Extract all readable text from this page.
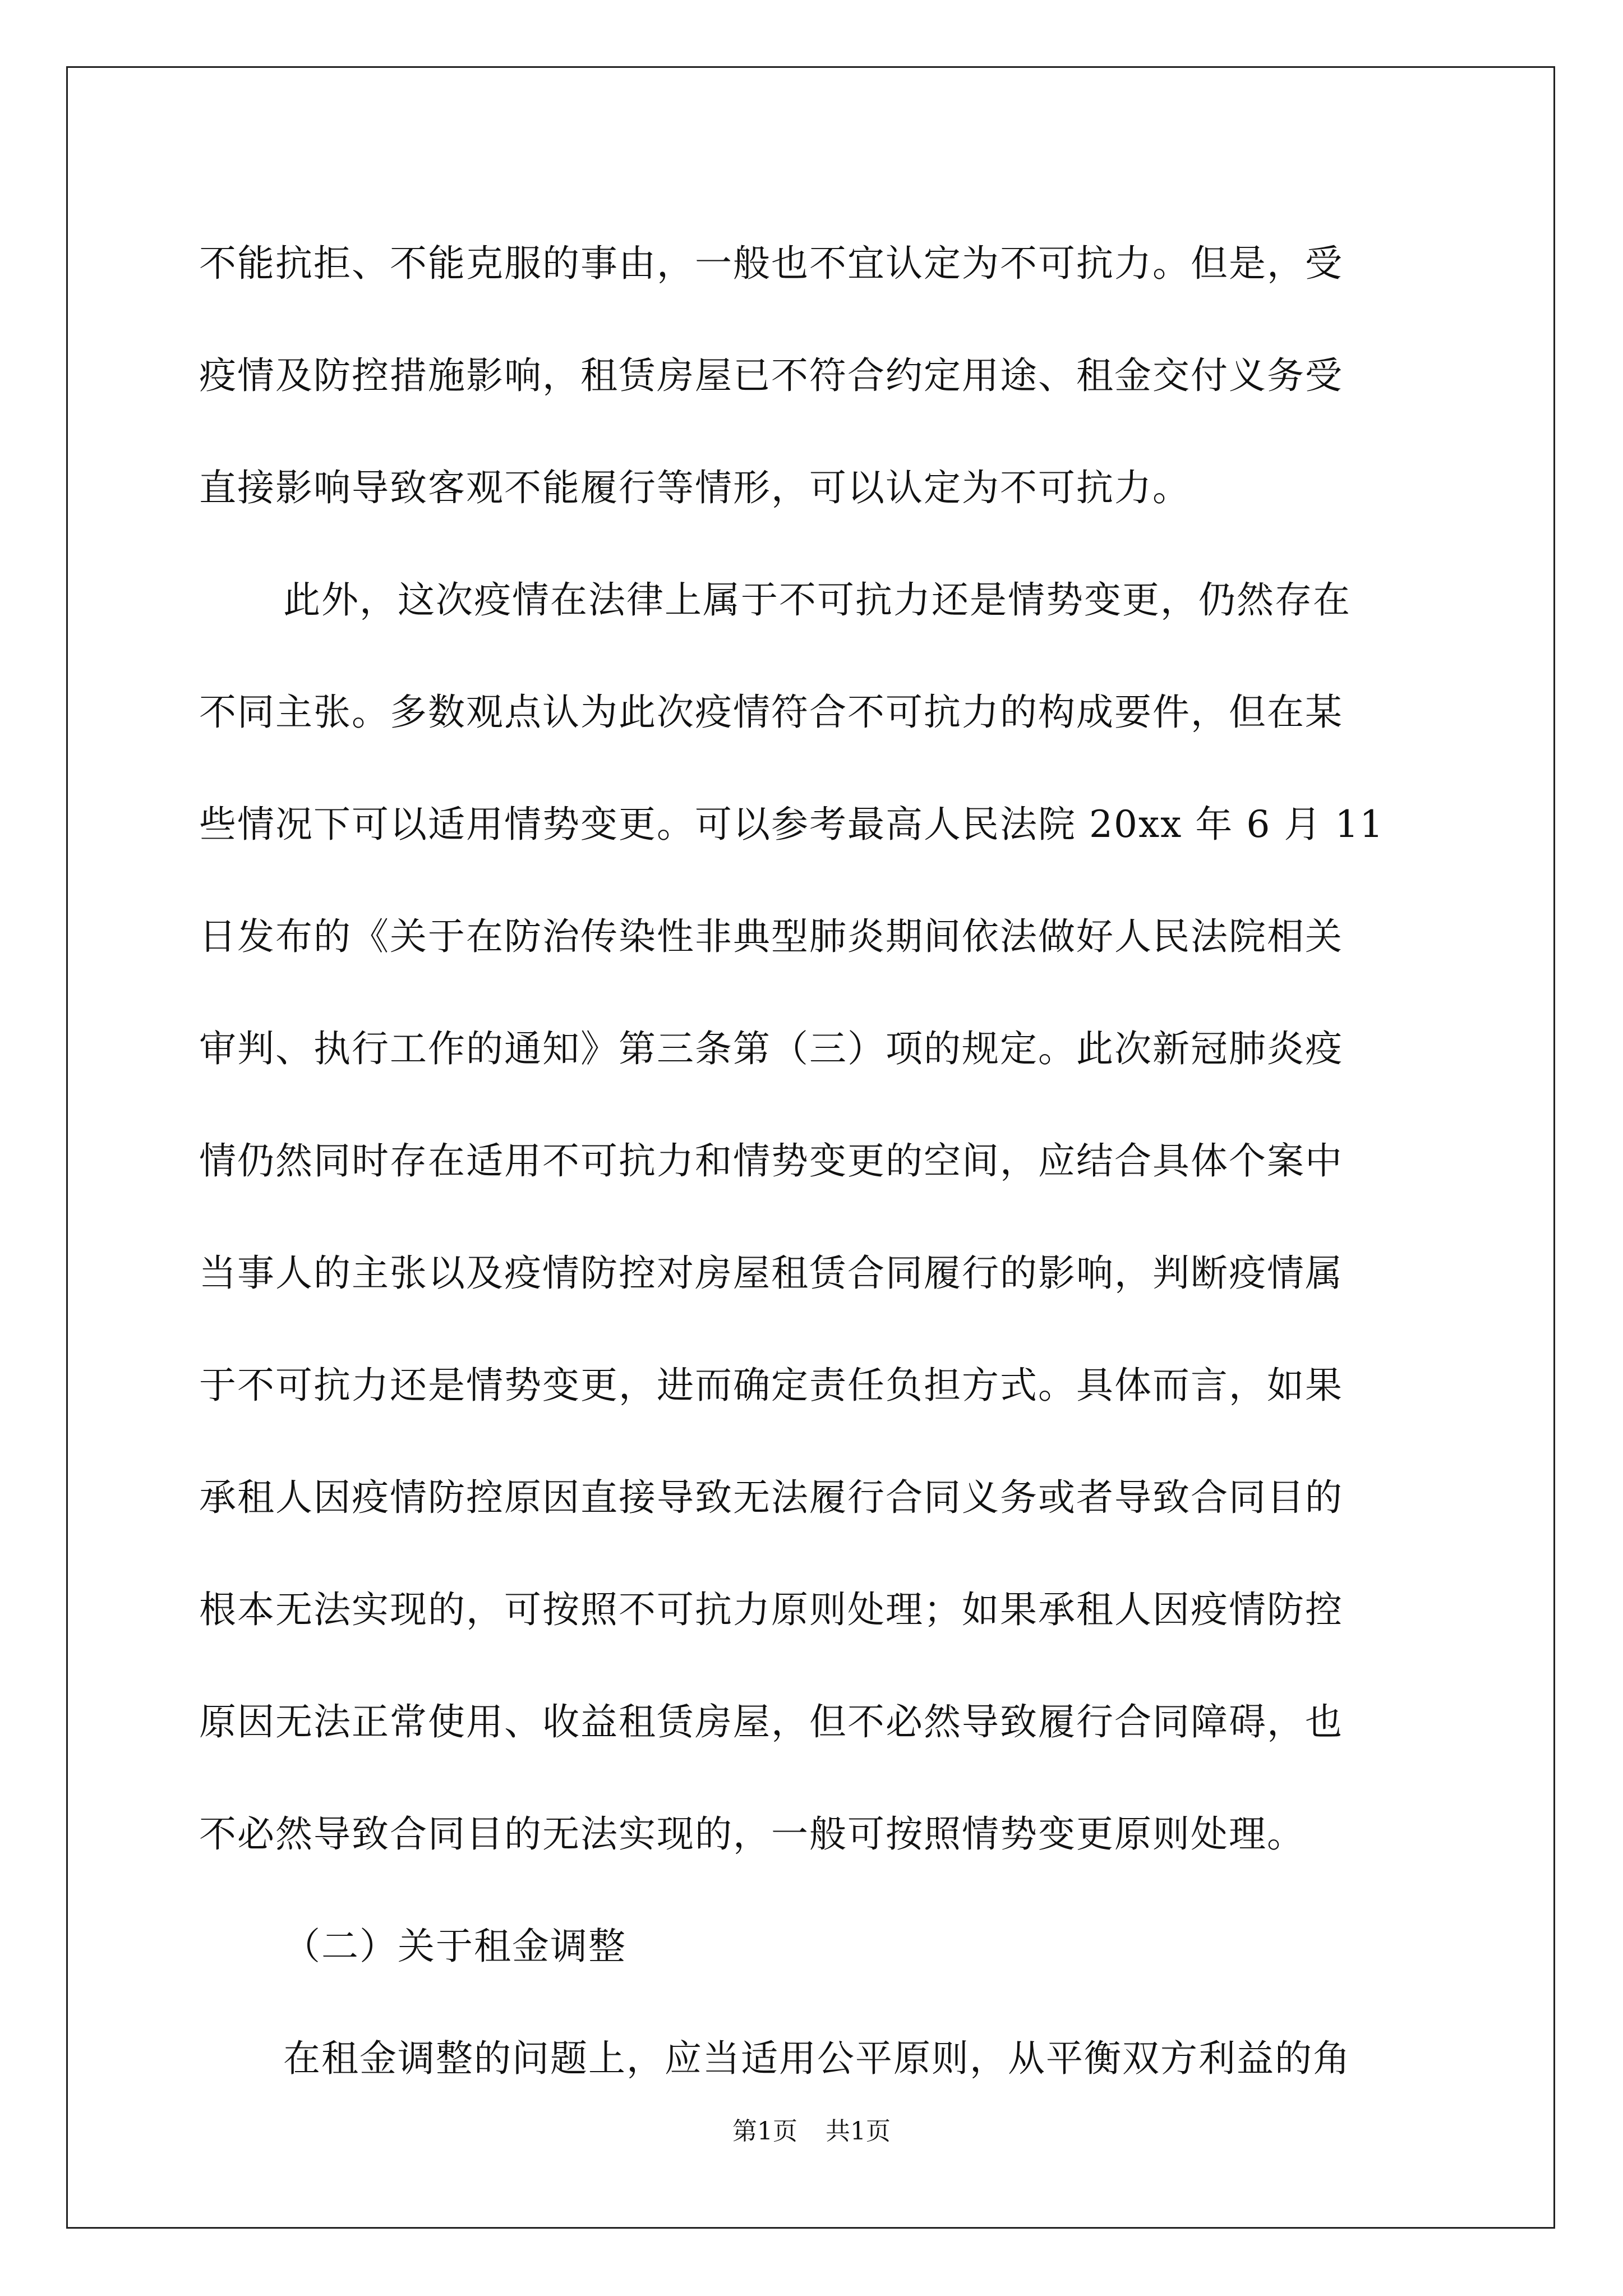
不能抗拒、不能克服的事由，一般也不宜认定为不可抗力。但是，受
疫情及防控措施影响，租赁房屋已不符合约定用途、租金交付义务受
直接影响导致客观不能履行等情形，可以认定为不可抗力。
此外，这次疫情在法律上属于不可抗力还是情势变更，仍然存在
不同主张。多数观点认为此次疫情符合不可抗力的构成要件，但在某
些情况下可以适用情势变更。可以参考最高人民法院 20xx 年 6 月 11
日发布的《关于在防治传染性非典型肺炎期间依法做好人民法院相关
审判、执行工作的通知》第三条第（三）项的规定。此次新冠肺炎疫
情仍然同时存在适用不可抗力和情势变更的空间，应结合具体个案中
当事人的主张以及疫情防控对房屋租赁合同履行的影响，判断疫情属
于不可抗力还是情势变更，进而确定责任负担方式。具体而言，如果
承租人因疫情防控原因直接导致无法履行合同义务或者导致合同目的
根本无法实现的，可按照不可抗力原则处理；如果承租人因疫情防控
原因无法正常使用、收益租赁房屋，但不必然导致履行合同障碍，也
不必然导致合同目的无法实现的，一般可按照情势变更原则处理。
（二）关于租金调整
在租金调整的问题上，应当适用公平原则，从平衡双方利益的角
第1页 共1页
